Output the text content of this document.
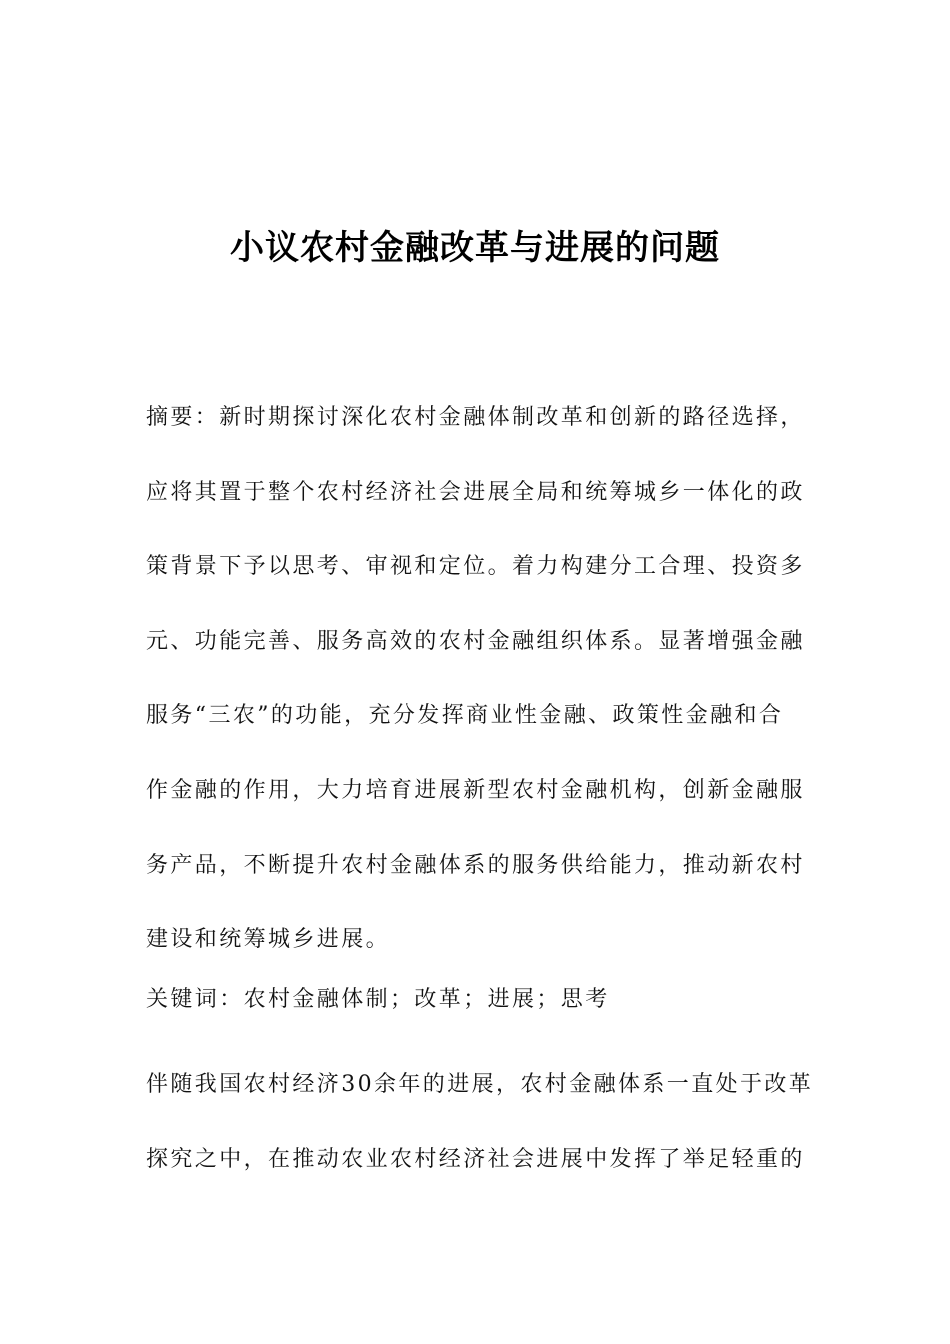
小议农村金融改革与进展的问题
摘要：新时期探讨深化农村金融体制改革和创新的路径选择，
应将其置于整个农村经济社会进展全局和统筹城乡一体化的政
策背景下予以思考、审视和定位。着力构建分工合理、投资多
元、功能完善、服务高效的农村金融组织体系。显著增强金融
服务“三农”的功能，充分发挥商业性金融、政策性金融和合
作金融的作用，大力培育进展新型农村金融机构，创新金融服
务产品，不断提升农村金融体系的服务供给能力，推动新农村
建设和统筹城乡进展。
关键词：农村金融体制；改革；进展；思考
伴随我国农村经济30余年的进展，农村金融体系一直处于改革
探究之中，在推动农业农村经济社会进展中发挥了举足轻重的
